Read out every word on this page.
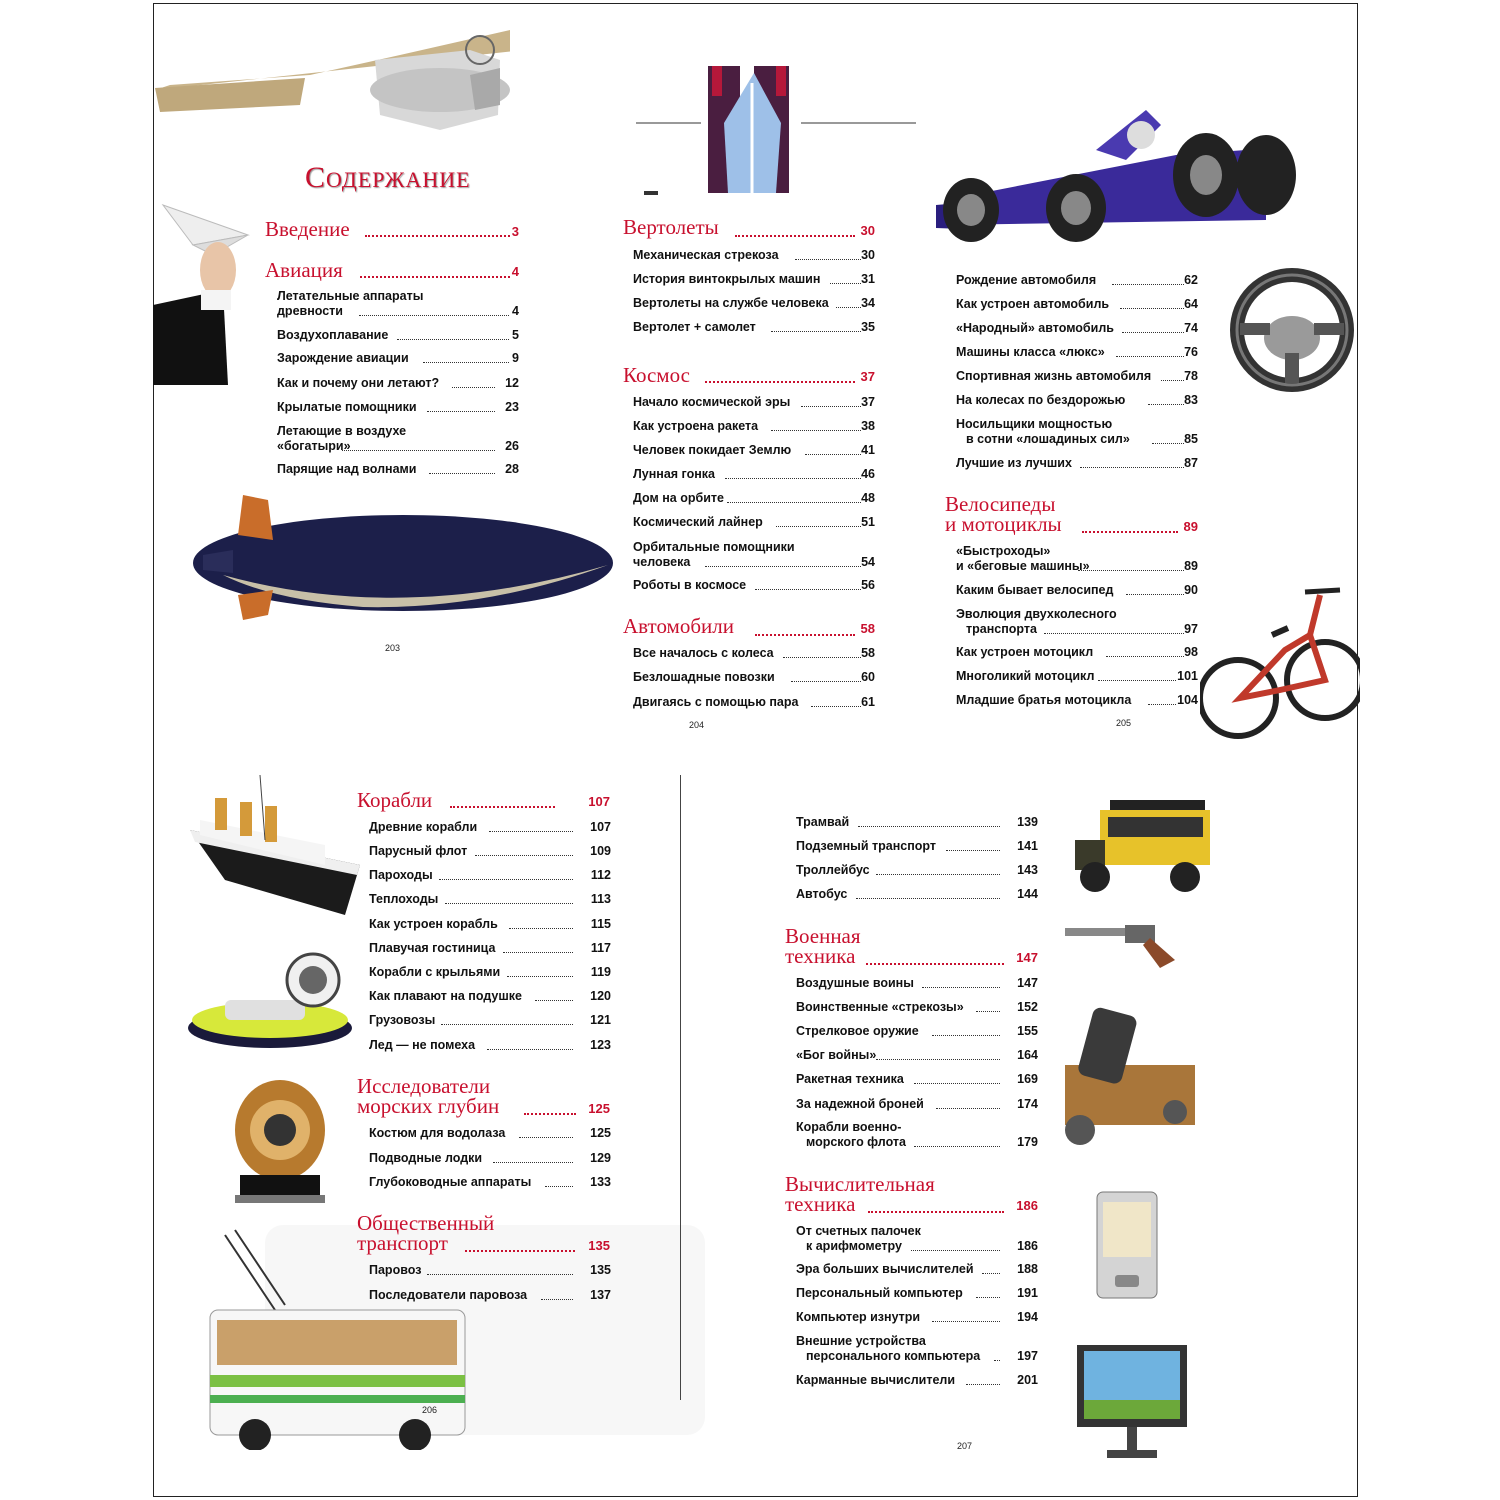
СОДЕРЖАНИЕ
Введение	3
Авиация	4
Летательные аппараты
древности	4
Воздухоплавание	5
Зарождение авиации	9
Как и почему они летают?	12
Крылатые помощники	23
Летающие в воздухе
«богатыри»	26
Парящие над волнами	28
203
Вертолеты	30
Механическая стрекоза	30
История винтокрылых машин	31
Вертолеты на службе человека	34
Вертолет + самолет	35
Космос	37
Начало космической эры	37
Как устроена ракета	38
Человек покидает Землю	41
Лунная гонка	46
Дом на орбите	48
Космический лайнер	51
Орбитальные помощники
человека	54
Роботы в космосе	56
Автомобили	58
Все началось с колеса	58
Безлошадные повозки	60
Двигаясь с помощью пара	61
204
Рождение автомобиля	62
Как устроен автомобиль	64
«Народный» автомобиль	74
Машины класса «люкс»	76
Спортивная жизнь автомобиля	78
На колесах по бездорожью	83
Носильщики мощностью
в сотни «лошадиных сил»	85
Лучшие из лучших	87
Велосипеды
и мотоциклы	89
«Быстроходы»
и «беговые машины»	89
Каким бывает велосипед	90
Эволюция двухколесного
транспорта	97
Как устроен мотоцикл	98
Многоликий мотоцикл	101
Младшие братья мотоцикла	104
205
Корабли	107
Древние корабли	107
Парусный флот	109
Пароходы	112
Теплоходы	113
Как устроен корабль	115
Плавучая гостиница	117
Корабли с крыльями	119
Как плавают на подушке	120
Грузовозы	121
Лед — не помеха	123
Исследователи
морских глубин	125
Костюм для водолаза	125
Подводные лодки	129
Глубоководные аппараты	133
Общественный
транспорт	135
Паровоз	135
Последователи паровоза	137
206
Трамвай	139
Подземный транспорт	141
Троллейбус	143
Автобус	144
Военная
техника	147
Воздушные воины	147
Воинственные «стрекозы»	152
Стрелковое оружие	155
«Бог войны»	164
Ракетная техника	169
За надежной броней	174
Корабли военно-
морского флота	179
Вычислительная
техника	186
От счетных палочек
к арифмометру	186
Эра больших вычислителей	188
Персональный компьютер	191
Компьютер изнутри	194
Внешние устройства
персонального компьютера	197
Карманные вычислители	201
207
